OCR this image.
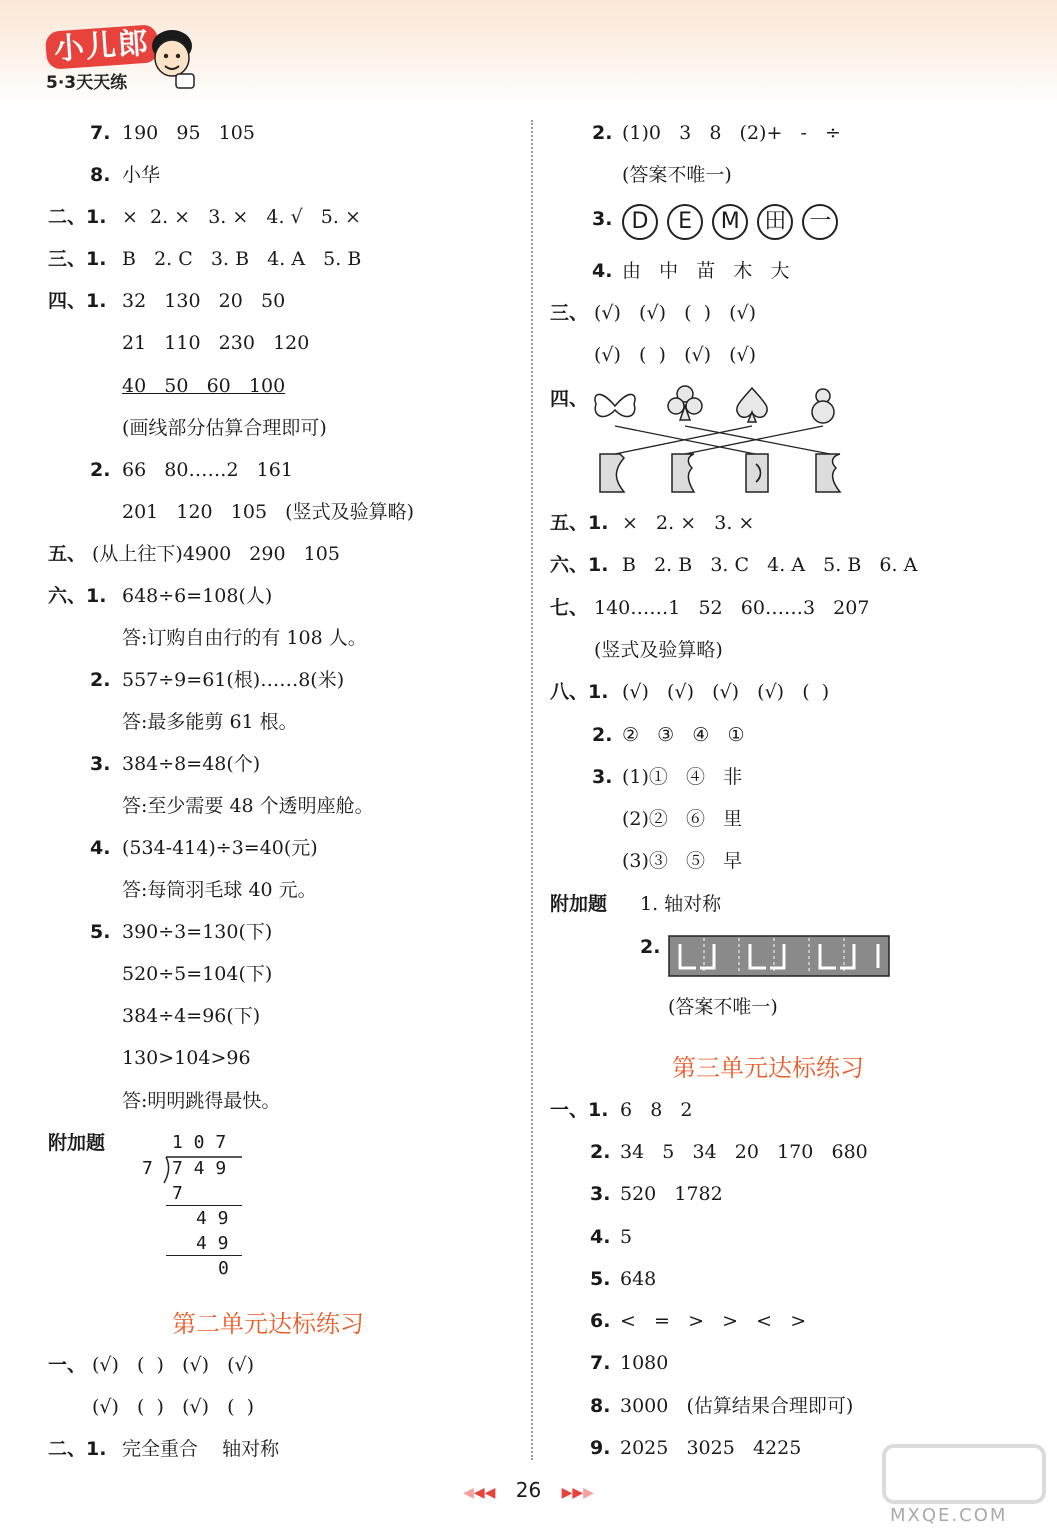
小儿郎
5·3天天练
7. 190   95   105
8. 小华
二、1. ×  2. ×   3. ×   4. √   5. ×
三、1. B   2. C   3. B   4. A   5. B
四、1. 32   130   20   50
21   110   230   120
40   50   60   100
(画线部分估算合理即可)
2. 66   80……2   161
201   120   105   (竖式及验算略)
五、 (从上往下)4900   290   105
六、1. 648÷6=108(人)
答:订购自由行的有 108 人。
2. 557÷9=61(根)……8(米)
答:最多能剪 61 根。
3. 384÷8=48(个)
答:至少需要 48 个透明座舱。
4. (534-414)÷3=40(元)
答:每筒羽毛球 40 元。
5. 390÷3=130(下)
520÷5=104(下)
384÷4=96(下)
130>104>96
答:明明跳得最快。
2. (1)0   3   8   (2)+   -   ÷
(答案不唯一)
3.
4. 由   中   苗   木   大
三、 (√)   (√)   (  )   (√)
(√)   (  )   (√)   (√)
四、
五、1. ×   2. ×   3. ×
六、1. B   2. B   3. C   4. A   5. B   6. A
七、 140……1   52   60……3   207
(竖式及验算略)
八、1. (√)   (√)   (√)   (√)   (  )
2. ②   ③   ④   ①
3. (1)①   ④   非
(2)②   ⑥   里
(3)③   ⑤   早
附加题 1. 轴对称
2.
(答案不唯一)
附加题	1 0 7
7 7 4 9
7
4 9
4 9
0
第二单元达标练习
一、 (√)   (  )   (√)   (√)
(√)   (  )   (√)   (  )
二、1. 完全重合    轴对称
D E M 田 一
第三单元达标练习
一、1. 6   8   2
2. 34   5   34   20   170   680
3. 520   1782
4. 5
5. 648
6. <   =   >   >   <   >
7. 1080
8. 3000   (估算结果合理即可)
9. 2025   3025   4225
◀◀◀ 26 ▶▶▶
MXQE.COM
